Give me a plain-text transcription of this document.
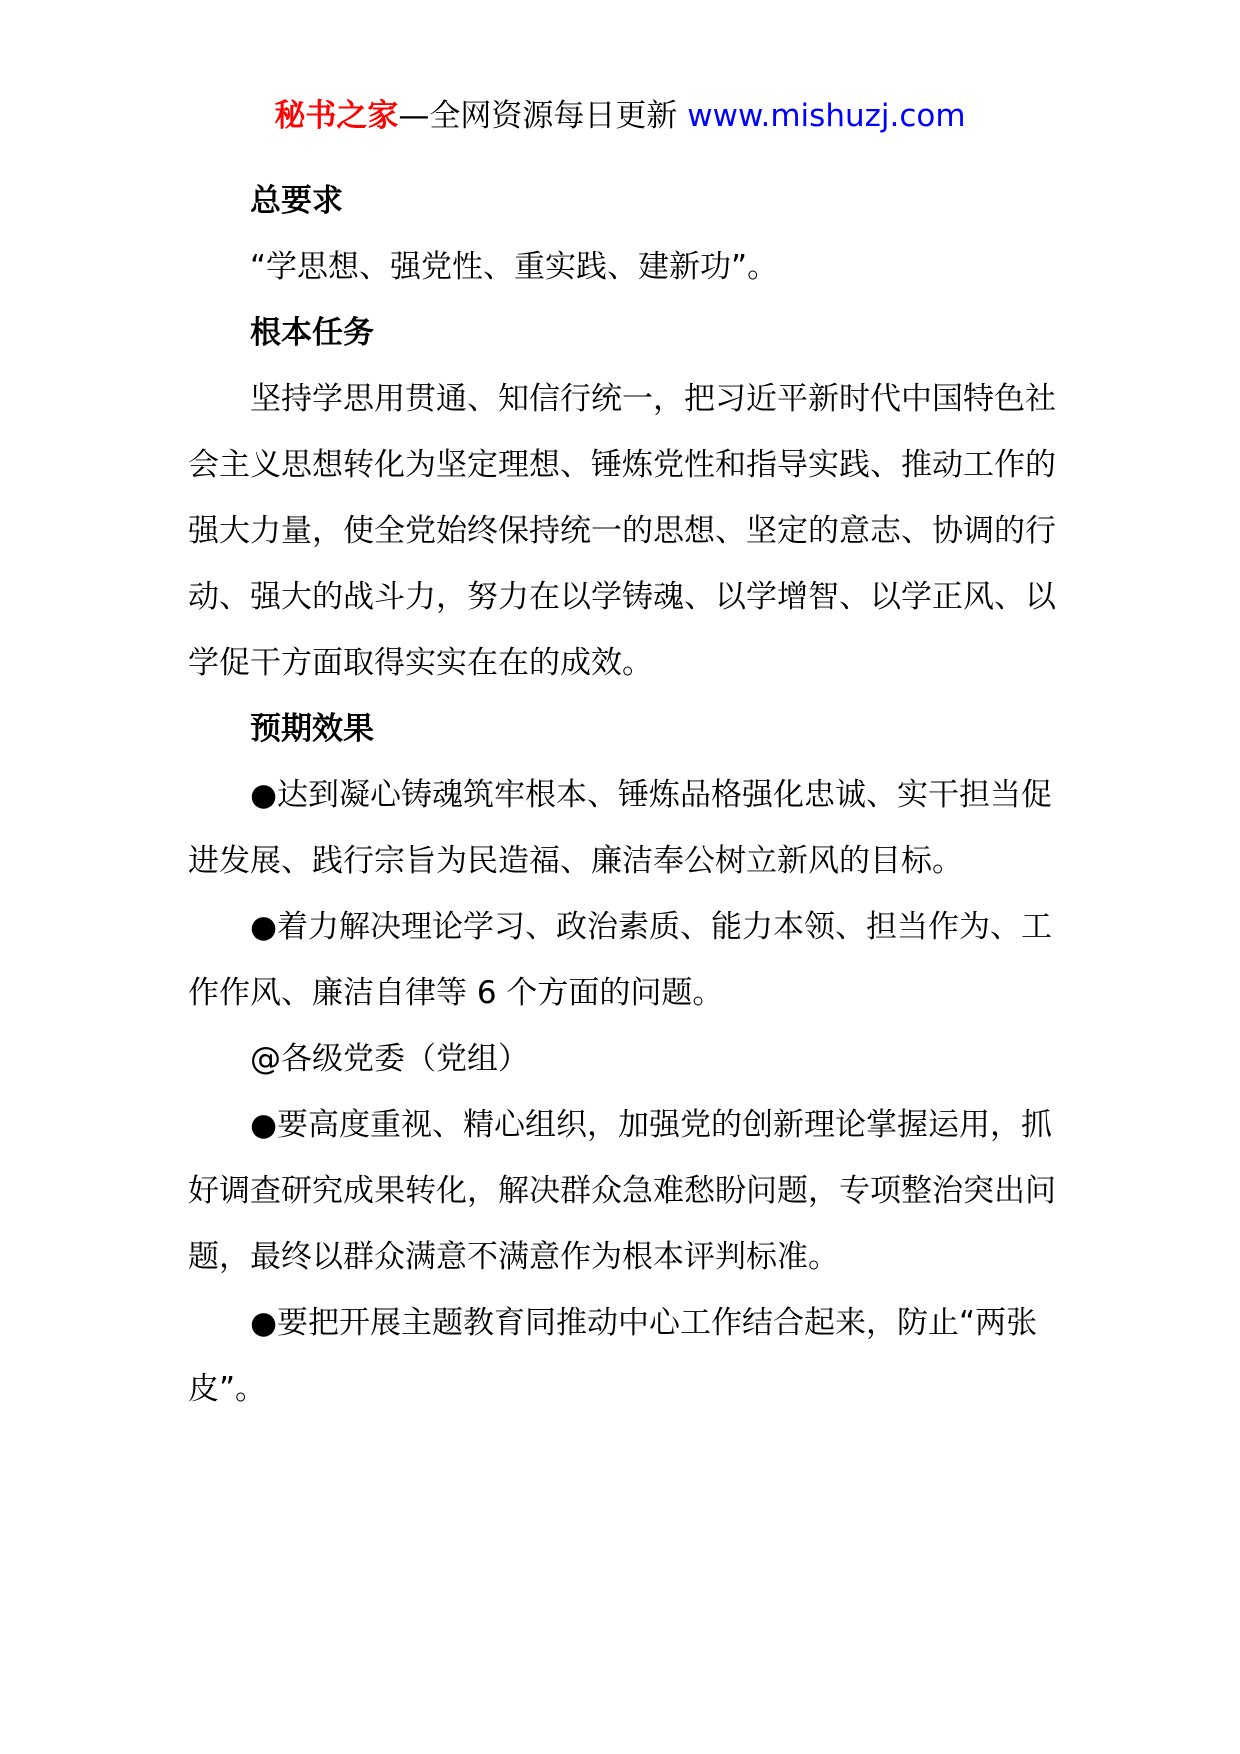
秘书之家—全网资源每日更新 www.mishuzj.com
总要求

“学思想、强党性、重实践、建新功”。

根本任务

坚持学思用贯通、知信行统一，把习近平新时代中国特色社会主义思想转化为坚定理想、锤炼党性和指导实践、推动工作的强大力量，使全党始终保持统一的思想、坚定的意志、协调的行动、强大的战斗力，努力在以学铸魂、以学增智、以学正风、以学促干方面取得实实在在的成效。

预期效果

●达到凝心铸魂筑牢根本、锤炼品格强化忠诚、实干担当促进发展、践行宗旨为民造福、廉洁奉公树立新风的目标。

●着力解决理论学习、政治素质、能力本领、担当作为、工作作风、廉洁自律等 6 个方面的问题。

@各级党委（党组）

●要高度重视、精心组织，加强党的创新理论掌握运用，抓好调查研究成果转化，解决群众急难愁盼问题，专项整治突出问题，最终以群众满意不满意作为根本评判标准。

●要把开展主题教育同推动中心工作结合起来，防止“两张皮”。
